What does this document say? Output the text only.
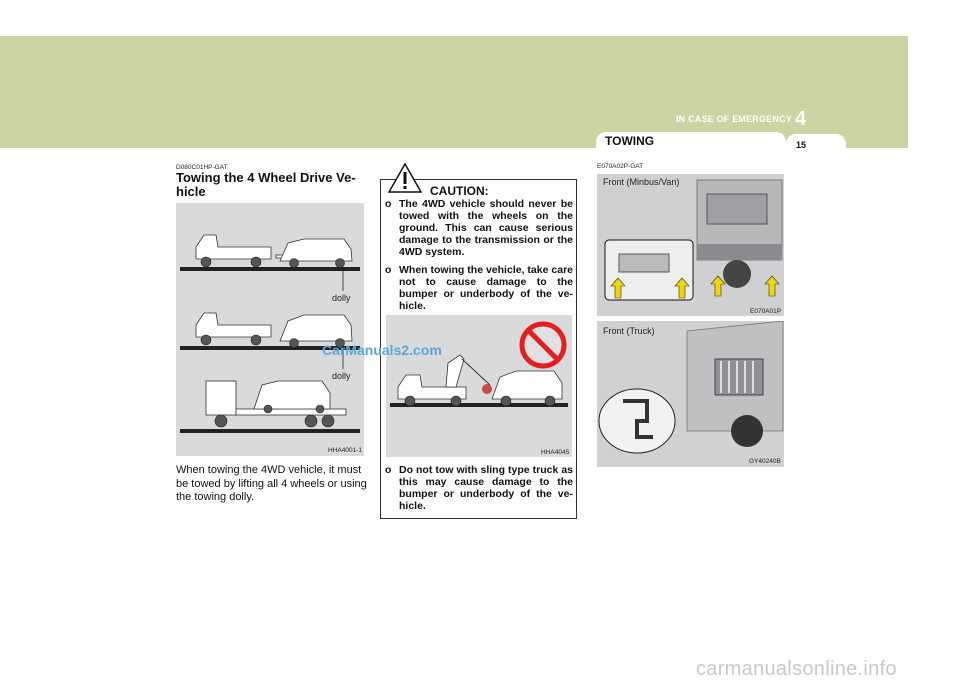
IN CASE OF EMERGENCY 4
TOWING	15
D080C01HP-GAT
Towing the 4 Wheel Drive Ve-hicle
dolly
dolly
HHA4001-1
When towing the 4WD vehicle, it must be towed by lifting all 4 wheels or using the towing dolly.
CAUTION:
o The 4WD vehicle should never be towed with the wheels on the ground. This can cause serious damage to the transmission or the 4WD system.
o When towing the vehicle, take care not to cause damage to the bumper or underbody of the ve-hicle.
HHA4045
o Do not tow with sling type truck as this may cause damage to the bumper or underbody of the ve-hicle.
CarManuals2.com
E070A02P-GAT
Front (Minbus/Van)
E070A01P
Front (Truck)
GY40240B
carmanualsonline.info
